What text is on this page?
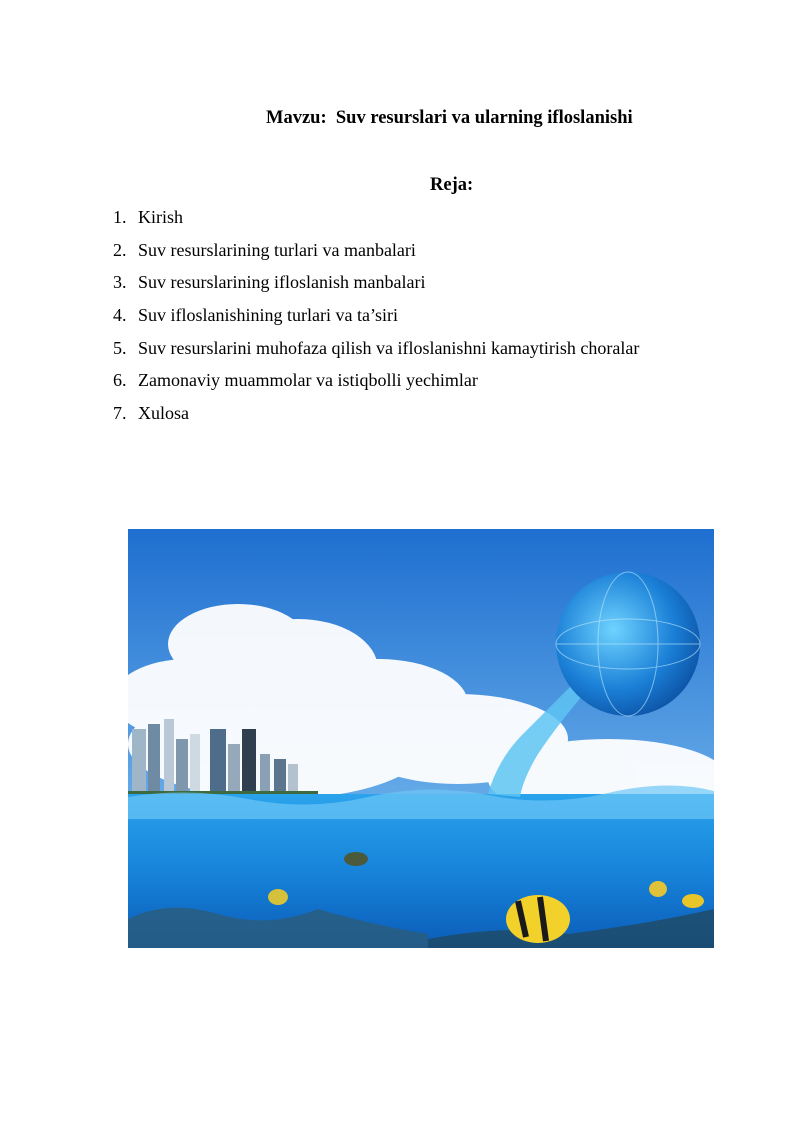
Mavzu:  Suv resurslari va ularning ifloslanishi
Reja:
1. Kirish
2. Suv resurslarining turlari va manbalari
3. Suv resurslarining ifloslanish manbalari
4. Suv ifloslanishining turlari va ta’siri
5. Suv resurslarini muhofaza qilish va ifloslanishni kamaytirish choralar
6. Zamonaviy muammolar va istiqbolli yechimlar
7. Xulosa
